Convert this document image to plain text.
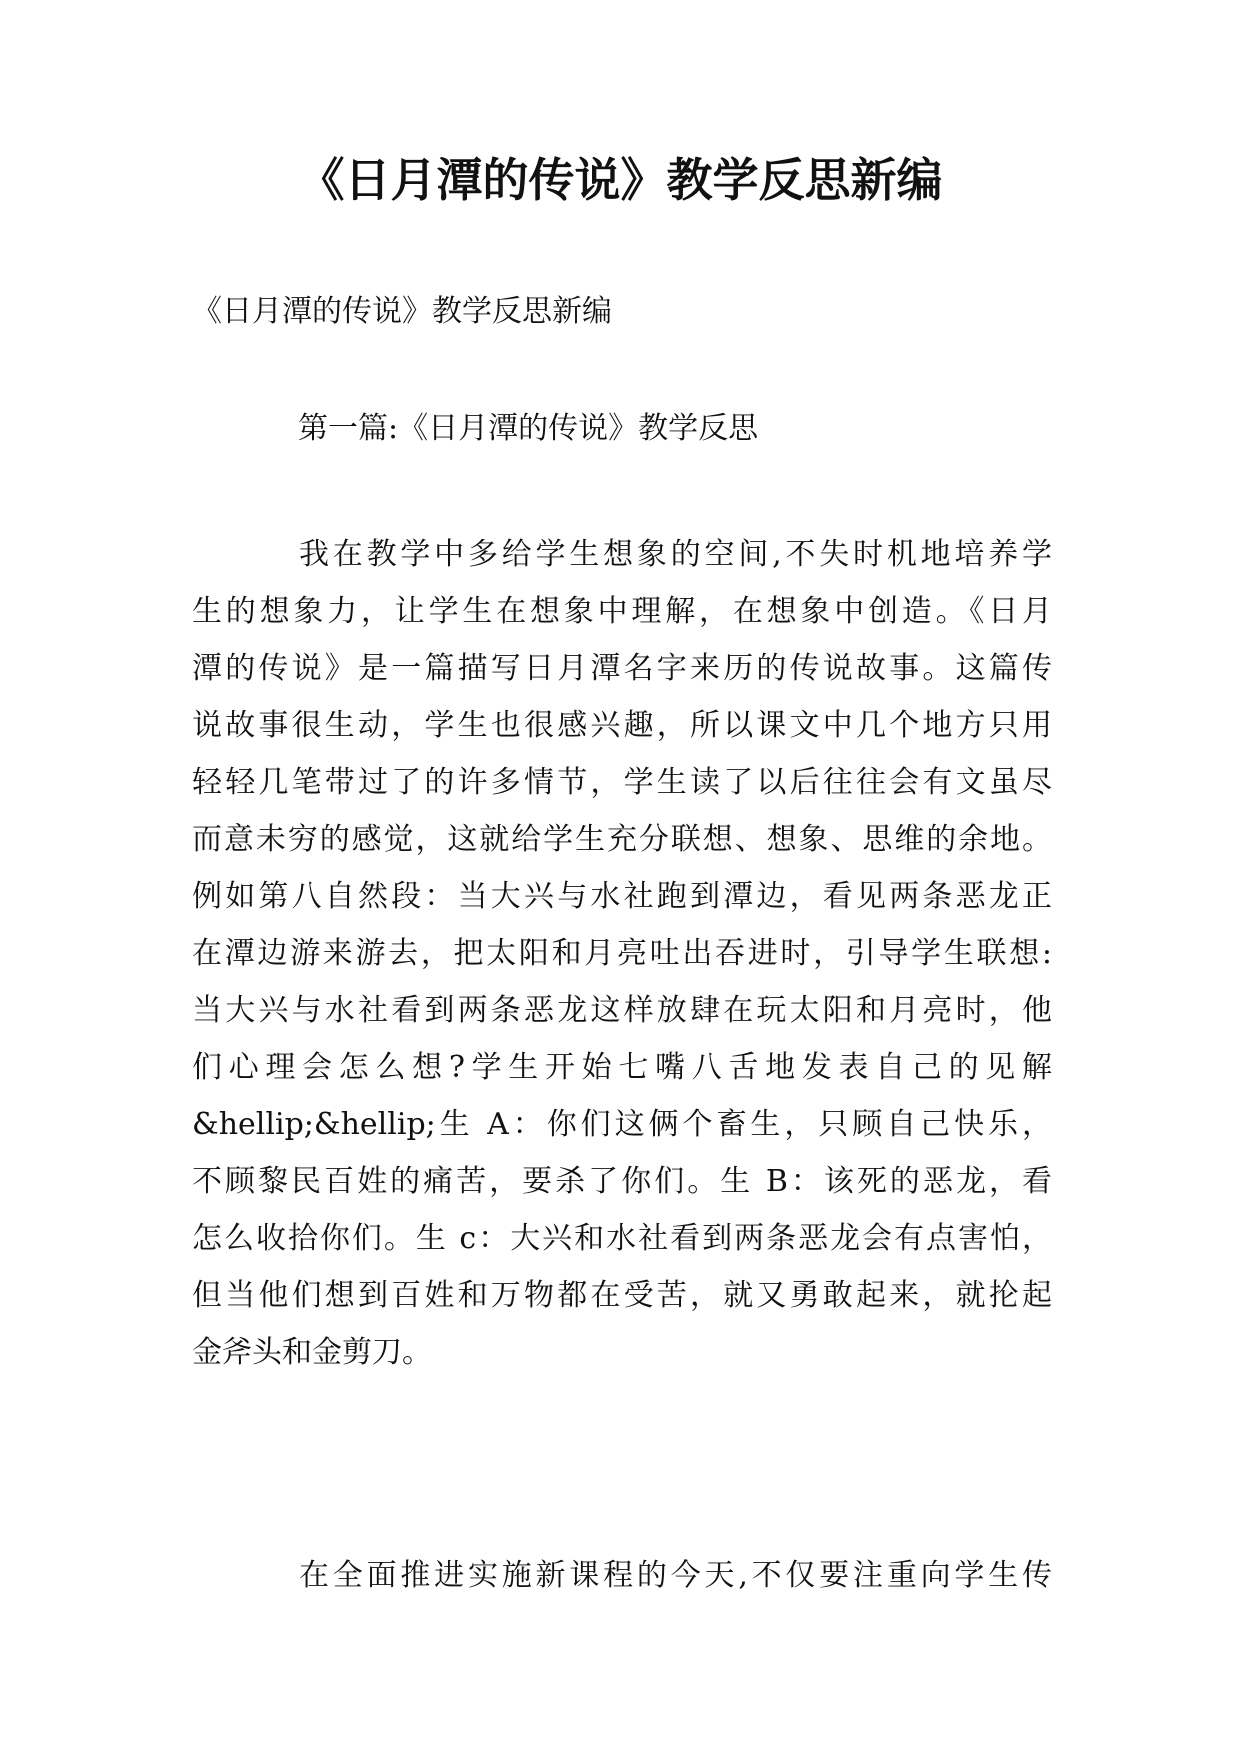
《日月潭的传说》教学反思新编

《日月潭的传说》教学反思新编

第一篇:《日月潭的传说》教学反思

我在教学中多给学生想象的空间,不失时机地培养学
生的想象力，让学生在想象中理解，在想象中创造。《日月
潭的传说》是一篇描写日月潭名字来历的传说故事。这篇传
说故事很生动，学生也很感兴趣，所以课文中几个地方只用
轻轻几笔带过了的许多情节，学生读了以后往往会有文虽尽
而意未穷的感觉，这就给学生充分联想、想象、思维的余地。
例如第八自然段：当大兴与水社跑到潭边，看见两条恶龙正
在潭边游来游去，把太阳和月亮吐出吞进时，引导学生联想:
当大兴与水社看到两条恶龙这样放肆在玩太阳和月亮时，他
们心理会怎么想?学生开始七嘴八舌地发表自己的见解
&hellip;&hellip;生 A：你们这俩个畜生，只顾自己快乐，
不顾黎民百姓的痛苦，要杀了你们。生 B：该死的恶龙，看
怎么收拾你们。生 c：大兴和水社看到两条恶龙会有点害怕，
但当他们想到百姓和万物都在受苦，就又勇敢起来，就抡起
金斧头和金剪刀。
在全面推进实施新课程的今天,不仅要注重向学生传
